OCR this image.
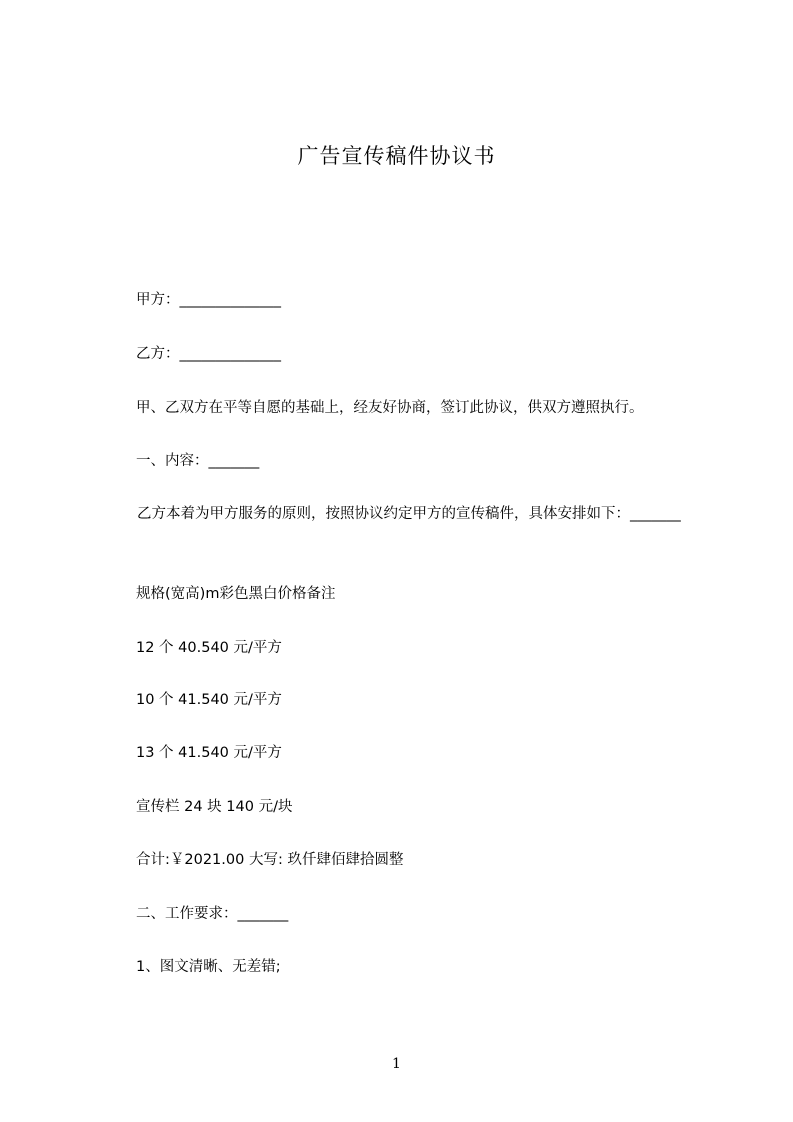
广告宣传稿件协议书
甲方：______________
乙方：______________
甲、乙双方在平等自愿的基础上，经友好协商，签订此协议，供双方遵照执行。
一、内容：_______
乙方本着为甲方服务的原则，按照协议约定甲方的宣传稿件，具体安排如下：_______
规格(宽高)m彩色黑白价格备注
12 个 40.540 元/平方
10 个 41.540 元/平方
13 个 41.540 元/平方
宣传栏 24 块 140 元/块
合计:￥2021.00 大写: 玖仟肆佰肆拾圆整
二、工作要求：_______
1、图文清晰、无差错;
1
